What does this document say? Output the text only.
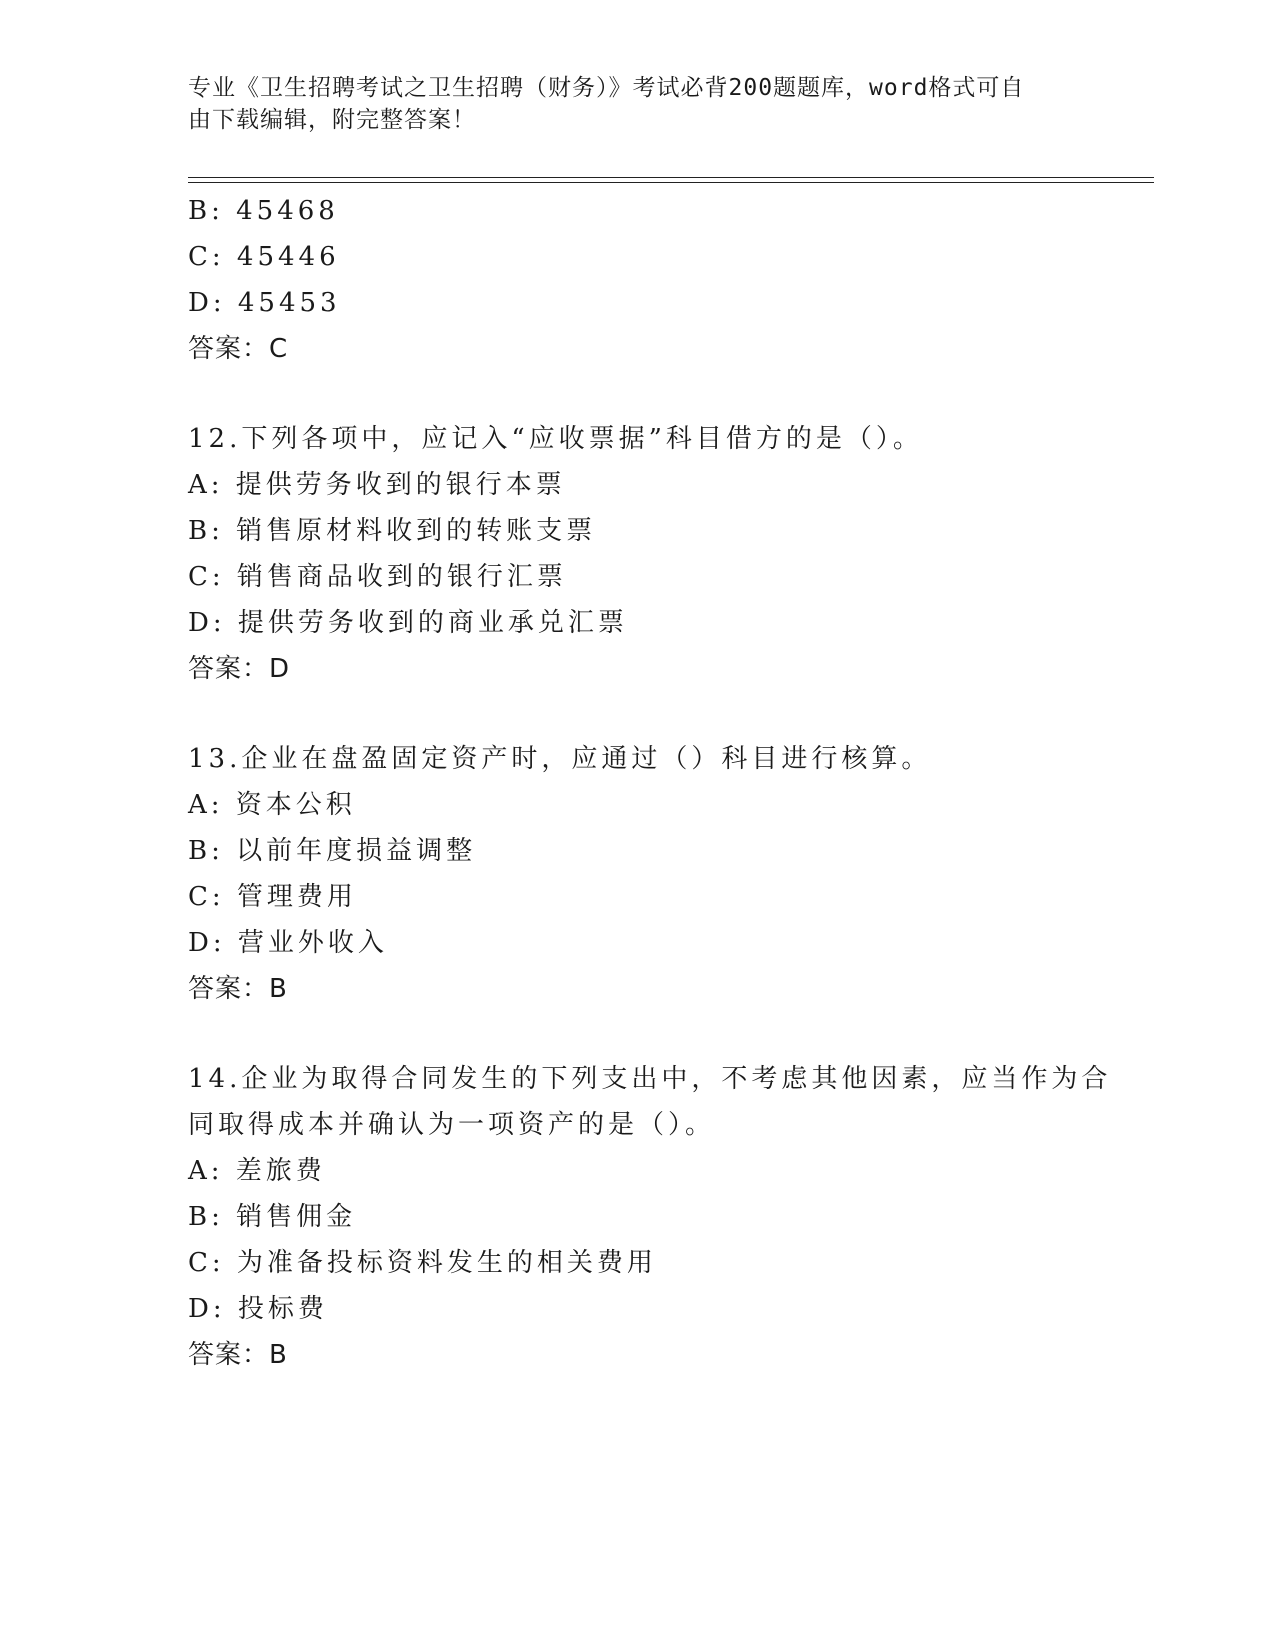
专业《卫生招聘考试之卫生招聘（财务）》考试必背200题题库，word格式可自
由下载编辑，附完整答案！
B: 45468
C: 45446
D: 45453
答案：C
12.下列各项中，应记入“应收票据”科目借方的是（）。
A: 提供劳务收到的银行本票
B: 销售原材料收到的转账支票
C: 销售商品收到的银行汇票
D: 提供劳务收到的商业承兑汇票
答案：D
13.企业在盘盈固定资产时，应通过（）科目进行核算。
A: 资本公积
B: 以前年度损益调整
C: 管理费用
D: 营业外收入
答案：B
14.企业为取得合同发生的下列支出中，不考虑其他因素，应当作为合
同取得成本并确认为一项资产的是（）。
A: 差旅费
B: 销售佣金
C: 为准备投标资料发生的相关费用
D: 投标费
答案：B
